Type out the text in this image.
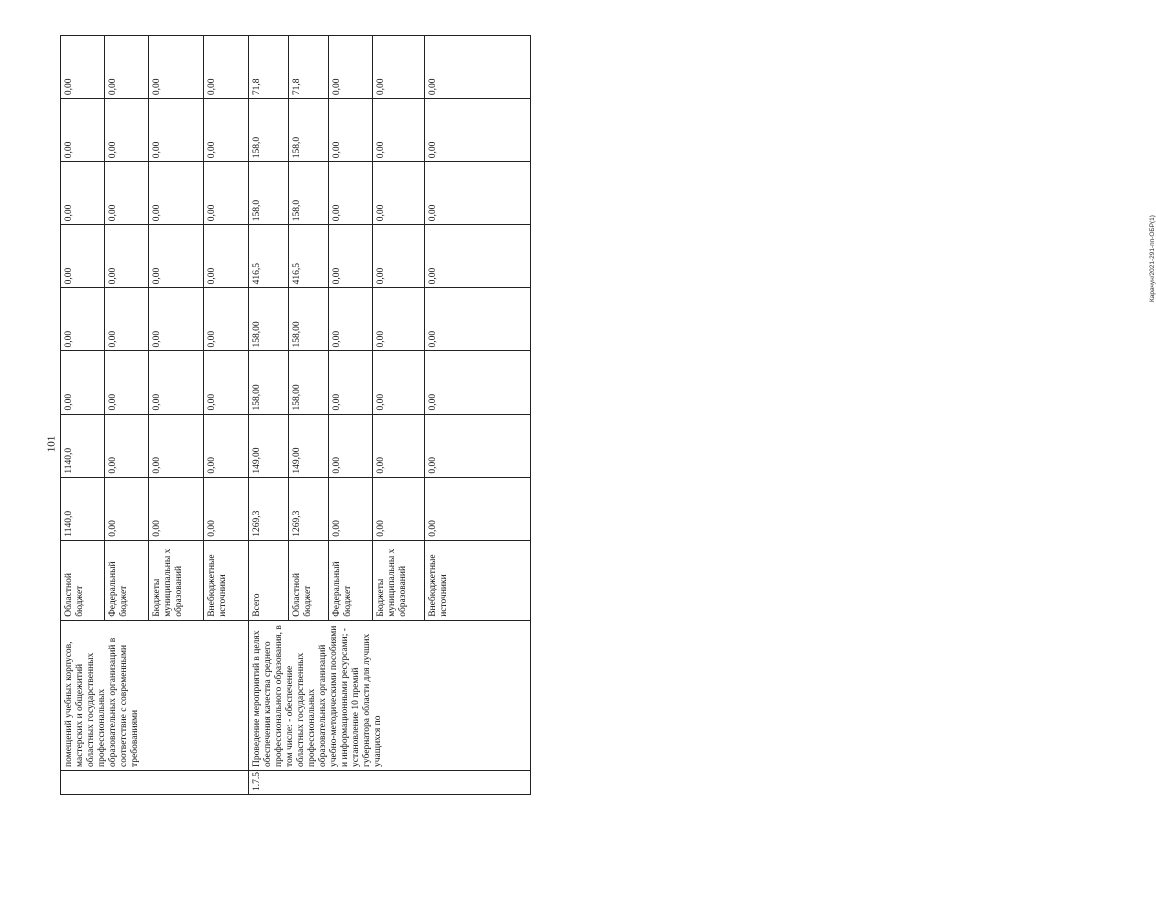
101
Карачун/2021-291-пп-ОБР(1)
	помещений учебных корпусов, мастерских и общежитий областных государственных профессиональных образовательных организаций в соответствие с современными требованиями	Областной бюджет	1140,0	1140,0	0,00	0,00	0,00	0,00	0,00	0,00
		Федеральный бюджет	0,00	0,00	0,00	0,00	0,00	0,00	0,00	0,00
		Бюджеты муниципальны х образований	0,00	0,00	0,00	0,00	0,00	0,00	0,00	0,00
		Внебюджетные источники	0,00	0,00	0,00	0,00	0,00	0,00	0,00	0,00
1.7.5	Проведение мероприятий в целях обеспечения качества среднего профессионального образования, в том числе: - обеспечение областных государственных профессиональных образовательных организаций учебно-методическими пособиями и информационными ресурсами; - установление 10 премий губернатора области для лучших учащихся по	Всего	1269,3	149,00	158,00	158,00	416,5	158,0	158,0	71,8
		Областной бюджет	1269,3	149,00	158,00	158,00	416,5	158,0	158,0	71,8
		Федеральный бюджет	0,00	0,00	0,00	0,00	0,00	0,00	0,00	0,00
		Бюджеты муниципальны х образований	0,00	0,00	0,00	0,00	0,00	0,00	0,00	0,00
		Внебюджетные источники	0,00	0,00	0,00	0,00	0,00	0,00	0,00	0,00
